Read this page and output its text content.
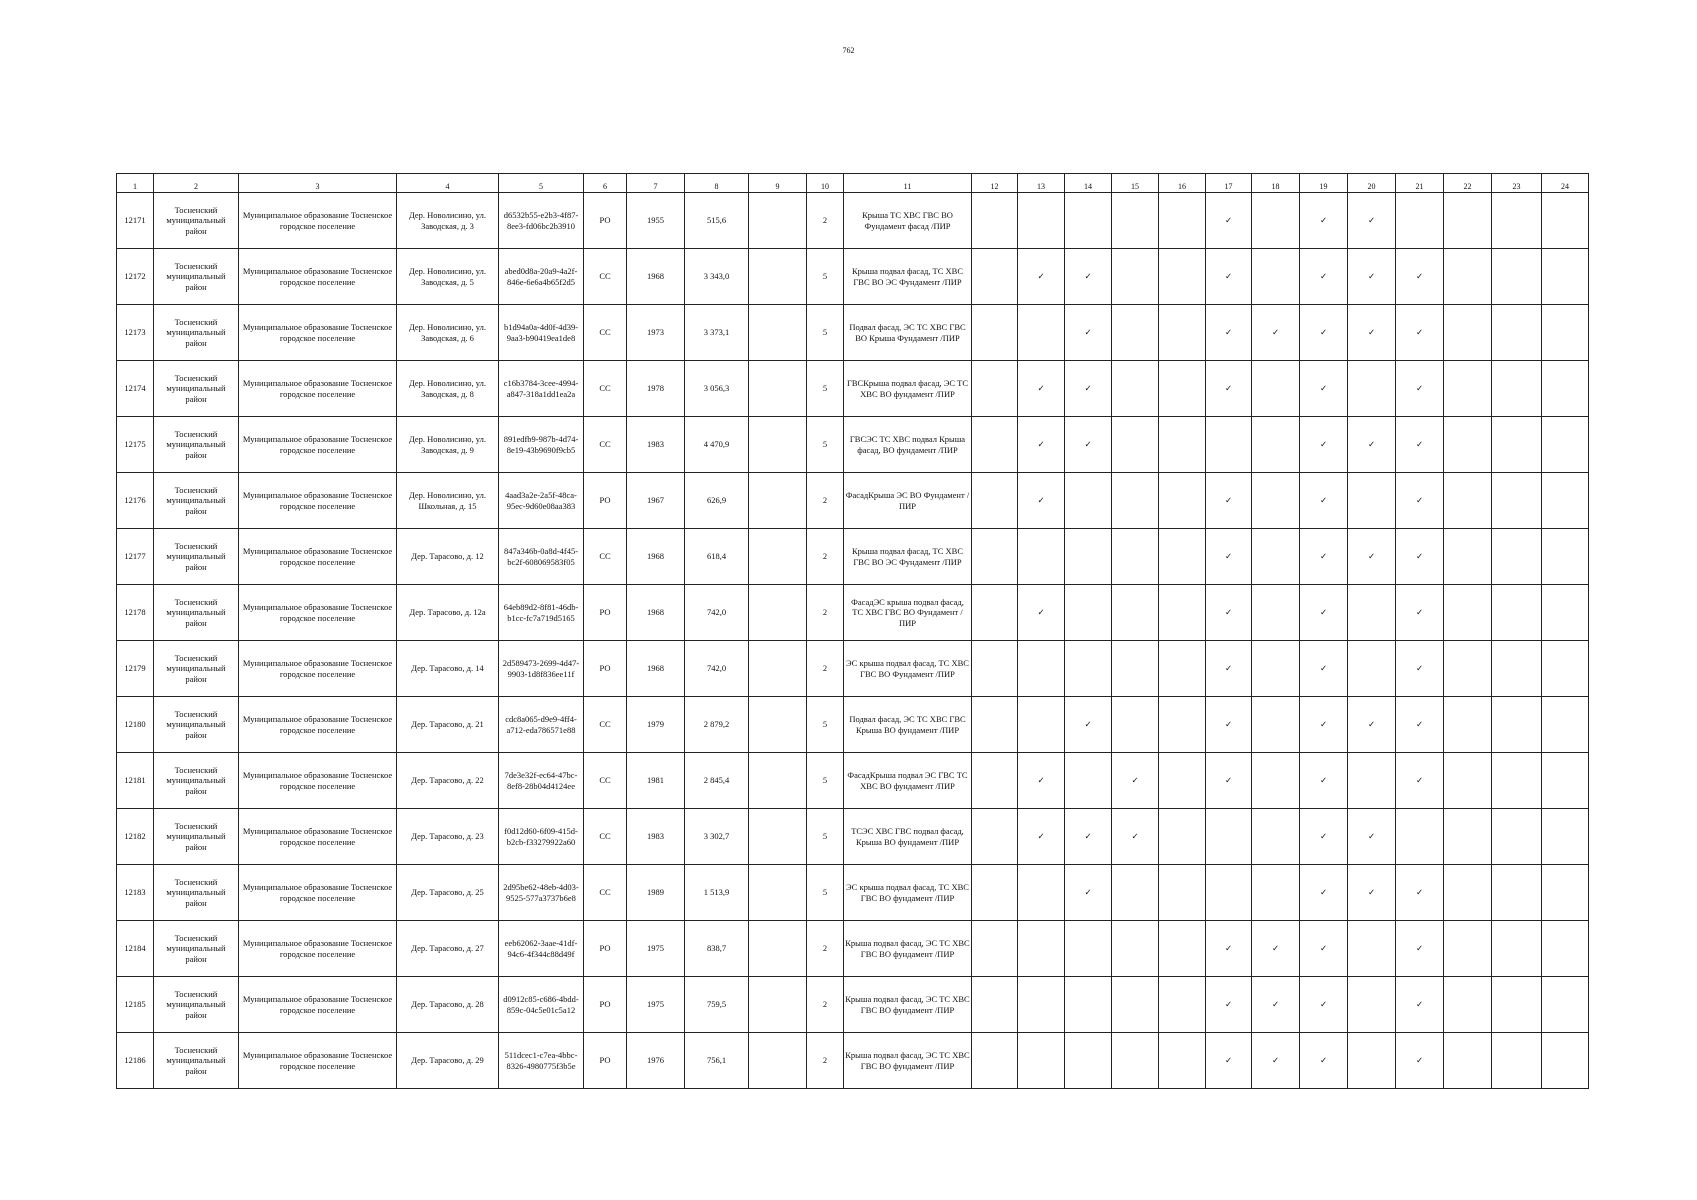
762
1	2	3	4	5	6	7	8	9	10	11	12	13	14	15	16	17	18	19	20	21	22	23	24
12171	Тосненский муниципальный район	Муниципальное образование Тосненское городское поселение	Дер. Новолисино, ул. Заводская, д. 3	d6532b55-e2b3-4f87-8ee3-fd06bc2b3910	РО	1955	515,6		2	Крыша ТС ХВС ГВС ВО Фундамент фасад /ПИР						✓		✓	✓				
12172	Тосненский муниципальный район	Муниципальное образование Тосненское городское поселение	Дер. Новолисино, ул. Заводская, д. 5	abed0d8a-20a9-4a2f-846e-6e6a4b65f2d5	СС	1968	3 343,0		5	Крыша подвал фасад, ТС ХВС ГВС ВО ЭС Фундамент /ПИР		✓	✓			✓		✓	✓	✓			
12173	Тосненский муниципальный район	Муниципальное образование Тосненское городское поселение	Дер. Новолисино, ул. Заводская, д. 6	b1d94a0a-4d0f-4d39-9aa3-b90419ea1de8	СС	1973	3 373,1		5	Подвал фасад, ЭС ТС ХВС ГВС ВО Крыша Фундамент /ПИР			✓			✓	✓	✓	✓	✓			
12174	Тосненский муниципальный район	Муниципальное образование Тосненское городское поселение	Дер. Новолисино, ул. Заводская, д. 8	c16b3784-3cee-4994-a847-318a1dd1ea2a	СС	1978	3 056,3		5	ГВСКрыша подвал фасад, ЭС ТС ХВС ВО фундамент /ПИР		✓	✓			✓		✓		✓			
12175	Тосненский муниципальный район	Муниципальное образование Тосненское городское поселение	Дер. Новолисино, ул. Заводская, д. 9	891edfb9-987b-4d74-8e19-43b9690f9cb5	СС	1983	4 470,9		5	ГВСЭС ТС ХВС подвал Крыша фасад, ВО фундамент /ПИР		✓	✓					✓	✓	✓			
12176	Тосненский муниципальный район	Муниципальное образование Тосненское городское поселение	Дер. Новолисино, ул. Школьная, д. 15	4aad3a2e-2a5f-48ca-95ec-9d60e08aa383	РО	1967	626,9		2	ФасадКрыша ЭС ВО Фундамент /ПИР		✓				✓		✓		✓			
12177	Тосненский муниципальный район	Муниципальное образование Тосненское городское поселение	Дер. Тарасово, д. 12	847a346b-0a8d-4f45-bc2f-608069583f05	СС	1968	618,4		2	Крыша подвал фасад, ТС ХВС ГВС ВО ЭС Фундамент /ПИР						✓		✓	✓	✓			
12178	Тосненский муниципальный район	Муниципальное образование Тосненское городское поселение	Дер. Тарасово, д. 12а	64eb89d2-8f81-46db-b1cc-fc7a719d5165	РО	1968	742,0		2	ФасадЭС крыша подвал фасад, ТС ХВС ГВС ВО Фундамент /ПИР		✓				✓		✓		✓			
12179	Тосненский муниципальный район	Муниципальное образование Тосненское городское поселение	Дер. Тарасово, д. 14	2d589473-2699-4d47-9903-1d8f836ee11f	РО	1968	742,0		2	ЭС крыша подвал фасад, ТС ХВС ГВС ВО Фундамент /ПИР						✓		✓		✓			
12180	Тосненский муниципальный район	Муниципальное образование Тосненское городское поселение	Дер. Тарасово, д. 21	cdc8a065-d9e9-4ff4-a712-eda786571e88	СС	1979	2 879,2		5	Подвал фасад, ЭС ТС ХВС ГВС Крыша ВО фундамент /ПИР			✓			✓		✓	✓	✓			
12181	Тосненский муниципальный район	Муниципальное образование Тосненское городское поселение	Дер. Тарасово, д. 22	7de3e32f-ec64-47bc-8ef8-28b04d4124ee	СС	1981	2 845,4		5	ФасадКрыша подвал ЭС ГВС ТС ХВС ВО фундамент /ПИР		✓		✓		✓		✓		✓			
12182	Тосненский муниципальный район	Муниципальное образование Тосненское городское поселение	Дер. Тарасово, д. 23	f0d12d60-6f09-415d-b2cb-f33279922a60	СС	1983	3 302,7		5	ТСЭС ХВС ГВС подвал фасад, Крыша ВО фундамент /ПИР		✓	✓	✓				✓	✓				
12183	Тосненский муниципальный район	Муниципальное образование Тосненское городское поселение	Дер. Тарасово, д. 25	2d95be62-48eb-4d03-9525-577a3737b6e8	СС	1989	1 513,9		5	ЭС крыша подвал фасад, ТС ХВС ГВС ВО фундамент /ПИР			✓					✓	✓	✓			
12184	Тосненский муниципальный район	Муниципальное образование Тосненское городское поселение	Дер. Тарасово, д. 27	eeb62062-3aae-41df-94c6-4f344c88d49f	РО	1975	838,7		2	Крыша подвал фасад, ЭС ТС ХВС ГВС ВО фундамент /ПИР						✓	✓	✓		✓			
12185	Тосненский муниципальный район	Муниципальное образование Тосненское городское поселение	Дер. Тарасово, д. 28	d0912c85-c686-4bdd-859c-04c5e01c5a12	РО	1975	759,5		2	Крыша подвал фасад, ЭС ТС ХВС ГВС ВО фундамент /ПИР						✓	✓	✓		✓			
12186	Тосненский муниципальный район	Муниципальное образование Тосненское городское поселение	Дер. Тарасово, д. 29	511dcec1-c7ea-4bbc-8326-4980775f3b5e	РО	1976	756,1		2	Крыша подвал фасад, ЭС ТС ХВС ГВС ВО фундамент /ПИР						✓	✓	✓		✓			
